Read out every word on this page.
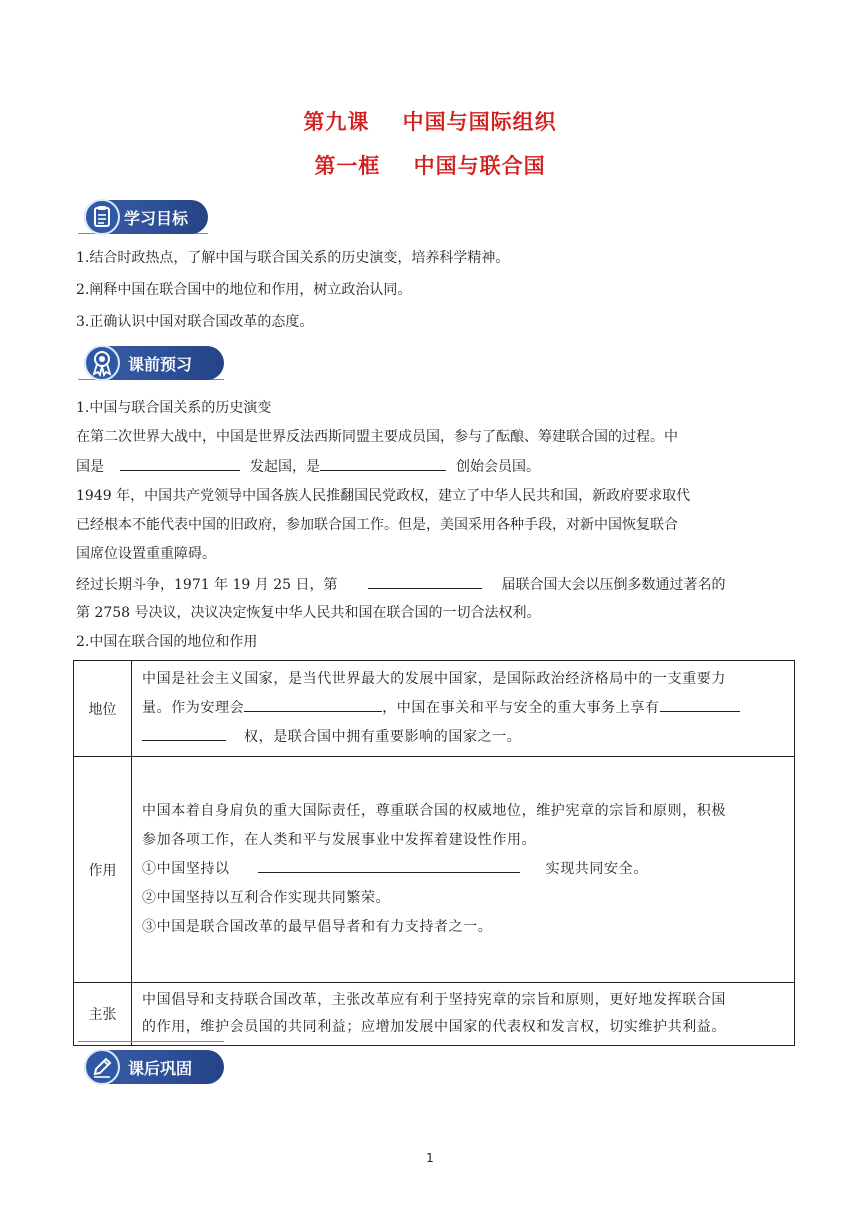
第九课    中国与国际组织
第一框    中国与联合国
学习目标
1.结合时政热点，了解中国与联合国关系的历史演变，培养科学精神。
2.阐释中国在联合国中的地位和作用，树立政治认同。
3.正确认识中国对联合国改革的态度。
课前预习
1.中国与联合国关系的历史演变
在第二次世界大战中，中国是世界反法西斯同盟主要成员国，参与了酝酿、筹建联合国的过程。中
国是	发起国，是	创始会员国。
1949 年，中国共产党领导中国各族人民推翻国民党政权，建立了中华人民共和国，新政府要求取代
已经根本不能代表中国的旧政府，参加联合国工作。但是，美国采用各种手段，对新中国恢复联合
国席位设置重重障碍。
经过长期斗争，1971 年 19 月 25 日，第	届联合国大会以压倒多数通过著名的
第 2758 号决议，决议决定恢复中华人民共和国在联合国的一切合法权利。
2.中国在联合国的地位和作用
地位	中国是社会主义国家，是当代世界最大的发展中国家，是国际政治经济格局中的一支重要力
量。作为安理会 ，中国在事关和平与安全的重大事务上享有
权，是联合国中拥有重要影响的国家之一。

作用	中国本着自身肩负的重大国际责任，尊重联合国的权威地位，维护宪章的宗旨和原则，积极
参加各项工作，在人类和平与发展事业中发挥着建设性作用。
①中国坚持以 实现共同安全。
②中国坚持以互利合作实现共同繁荣。
③中国是联合国改革的最早倡导者和有力支持者之一。

主张	中国倡导和支持联合国改革，主张改革应有利于坚持宪章的宗旨和原则，更好地发挥联合国
的作用，维护会员国的共同利益；应增加发展中国家的代表权和发言权，切实维护共利益。
课后巩固
1
